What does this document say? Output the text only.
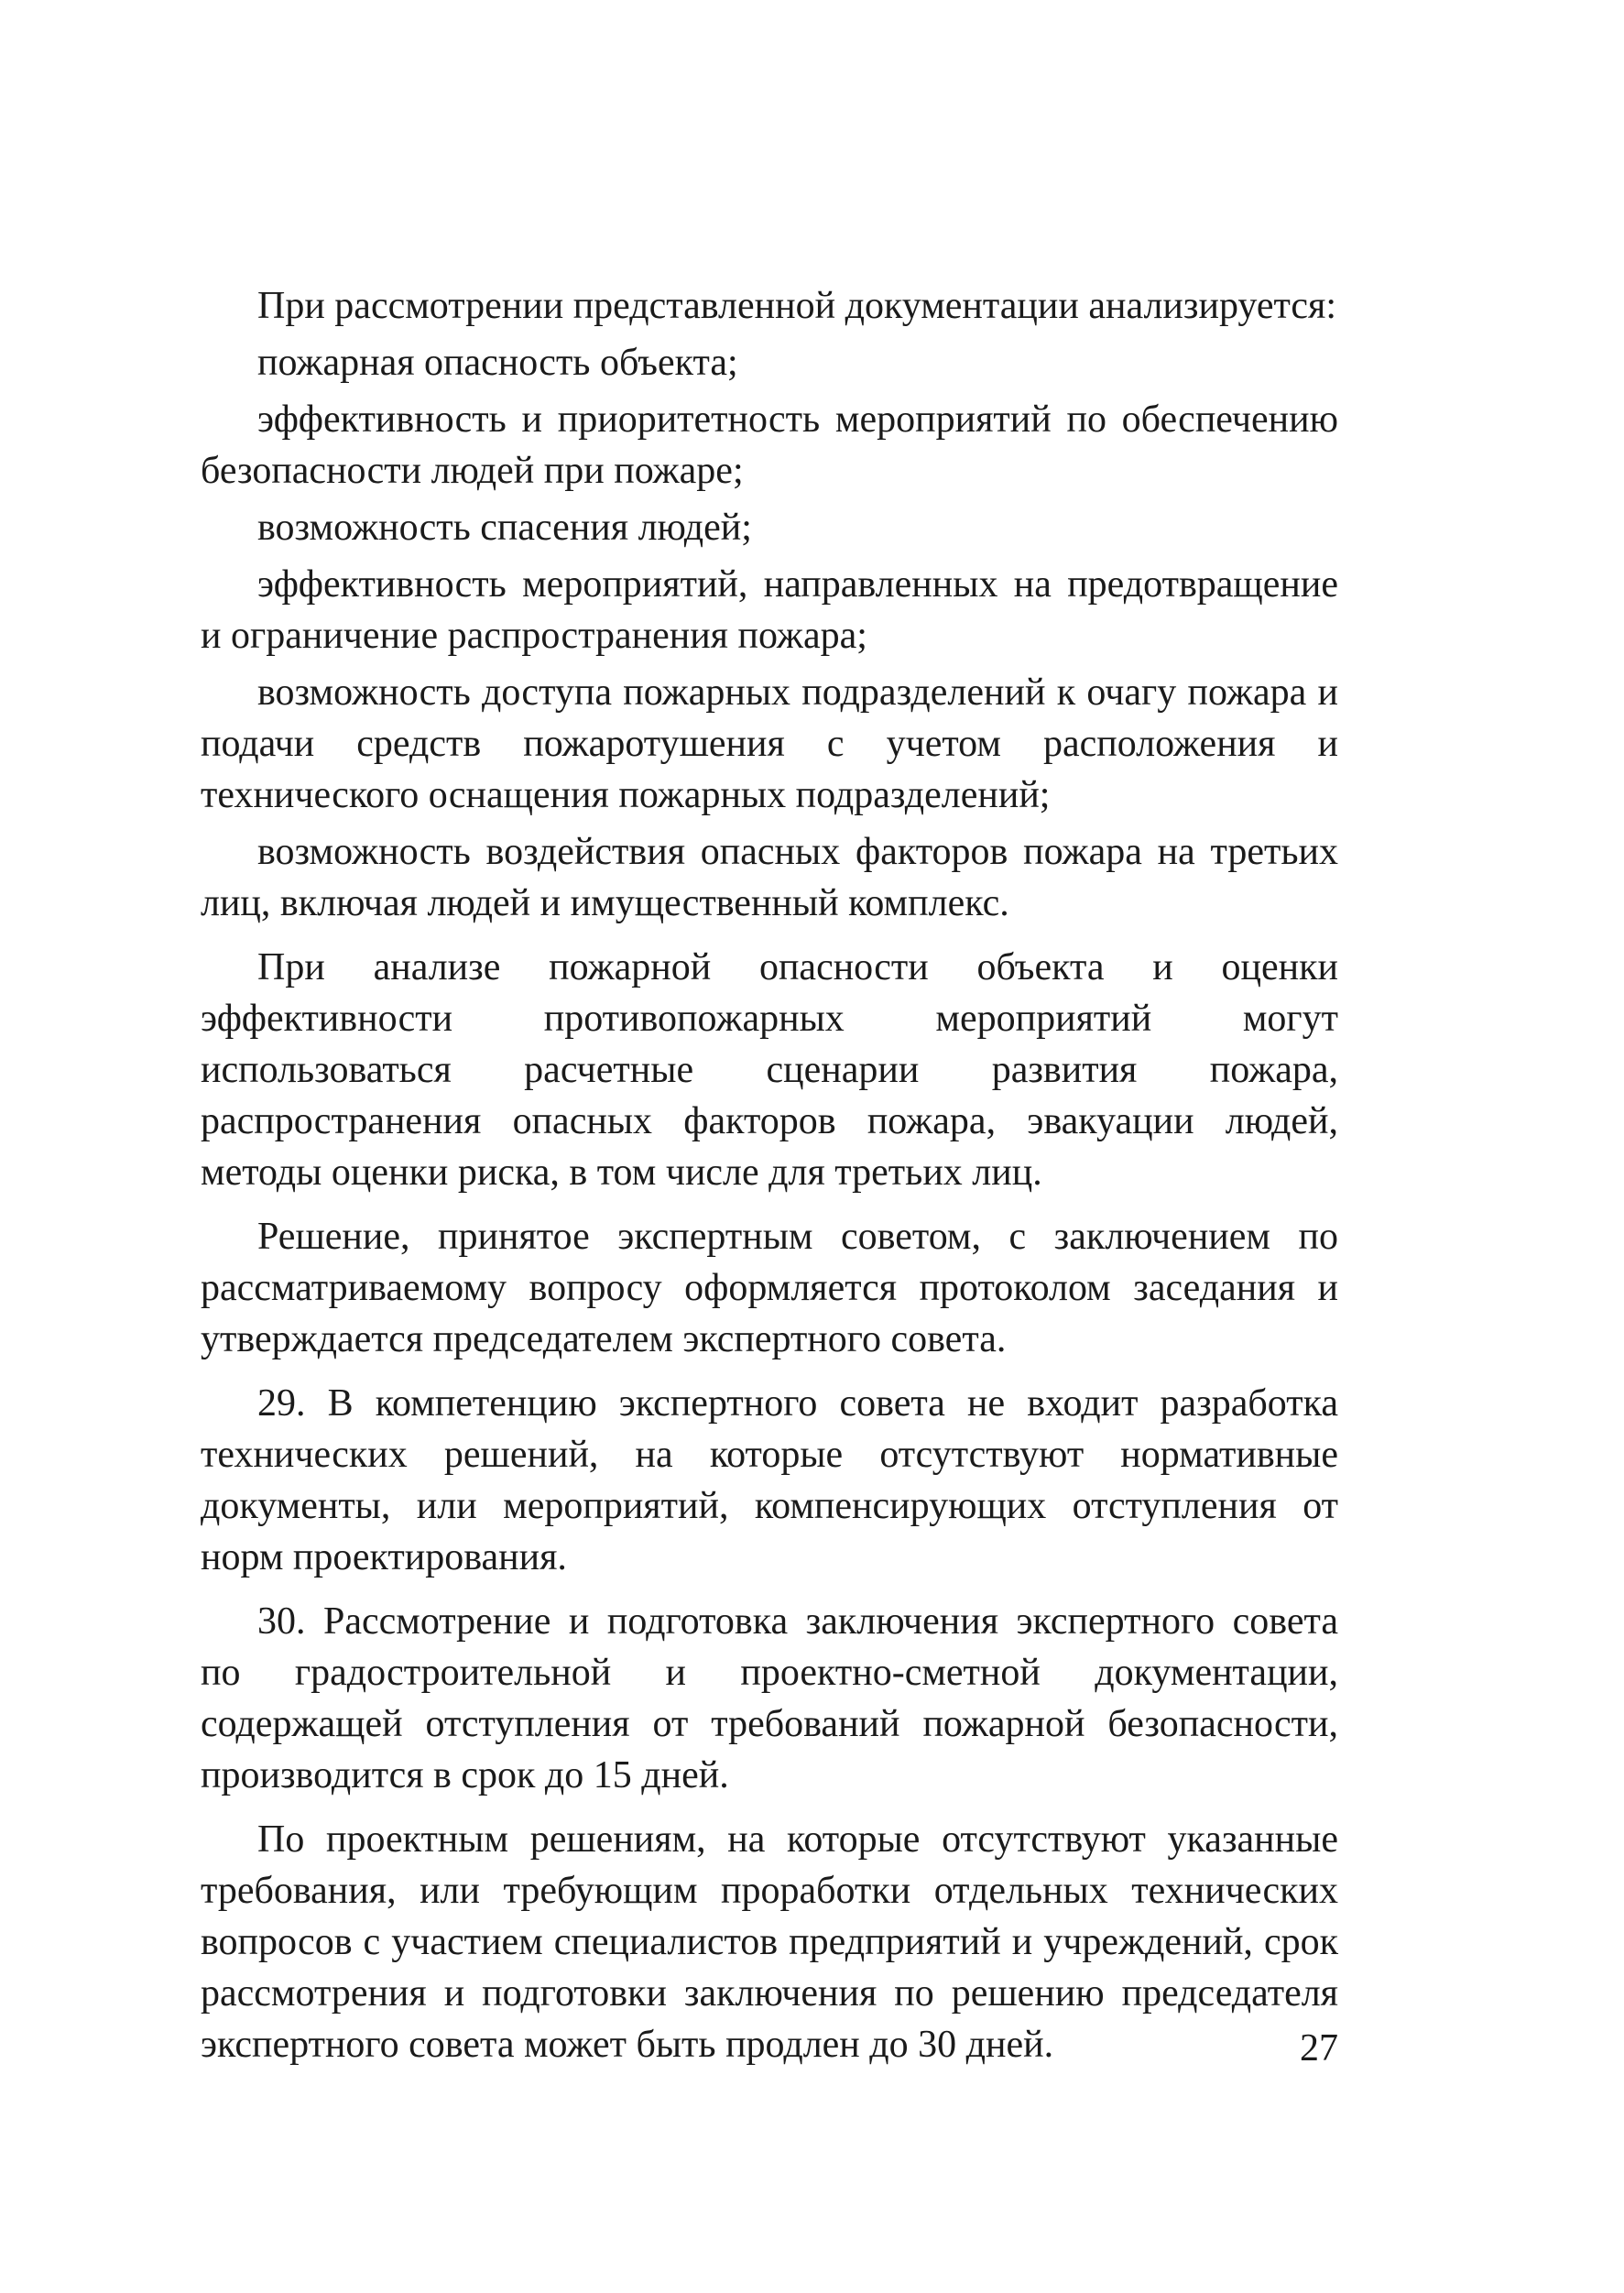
При рассмотрении представленной документации анализируется:

пожарная опасность объекта;

эффективность и приоритетность мероприятий по обеспечению безопасности людей при пожаре;

возможность спасения людей;

эффективность мероприятий, направленных на предотвращение и ограничение распространения пожара;

возможность доступа пожарных подразделений к очагу пожара и подачи средств пожаротушения с учетом расположения и технического оснащения пожарных подразделений;

возможность воздействия опасных факторов пожара на третьих лиц, включая людей и имущественный комплекс.

При анализе пожарной опасности объекта и оценки эффективности противопожарных мероприятий могут использоваться расчетные сценарии развития пожара, распространения опасных факторов пожара, эвакуации людей, методы оценки риска, в том числе для третьих лиц.

Решение, принятое экспертным советом, с заключением по рассматриваемому вопросу оформляется протоколом заседания и утверждается председателем экспертного совета.

29. В компетенцию экспертного совета не входит разработка технических решений, на которые отсутствуют нормативные документы, или мероприятий, компенсирующих отступления от норм проектирования.

30. Рассмотрение и подготовка заключения экспертного совета по градостроительной и проектно-сметной документации, содержащей отступления от требований пожарной безопасности, производится в срок до 15 дней.

По проектным решениям, на которые отсутствуют указанные требования, или требующим проработки отдельных технических вопросов с участием специалистов предприятий и учреждений, срок рассмотрения и подготовки заключения по решению председателя экспертного совета может быть продлен до 30 дней.	27
